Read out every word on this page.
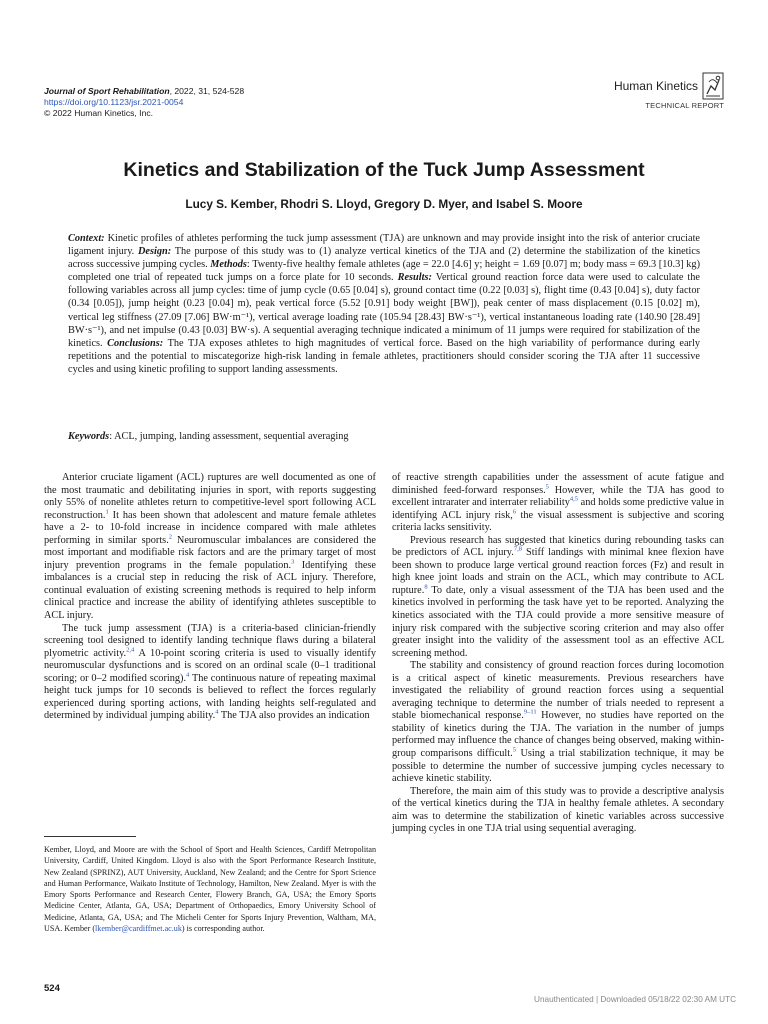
Journal of Sport Rehabilitation, 2022, 31, 524-528
https://doi.org/10.1123/jsr.2021-0054
© 2022 Human Kinetics, Inc.
Human Kinetics
TECHNICAL REPORT
Kinetics and Stabilization of the Tuck Jump Assessment
Lucy S. Kember, Rhodri S. Lloyd, Gregory D. Myer, and Isabel S. Moore
Context: Kinetic profiles of athletes performing the tuck jump assessment (TJA) are unknown and may provide insight into the risk of anterior cruciate ligament injury. Design: The purpose of this study was to (1) analyze vertical kinetics of the TJA and (2) determine the stabilization of the kinetics across successive jumping cycles. Methods: Twenty-five healthy female athletes (age = 22.0 [4.6] y; height = 1.69 [0.07] m; body mass = 69.3 [10.3] kg) completed one trial of repeated tuck jumps on a force plate for 10 seconds. Results: Vertical ground reaction force data were used to calculate the following variables across all jump cycles: time of jump cycle (0.65 [0.04] s), ground contact time (0.22 [0.03] s), flight time (0.43 [0.04] s), duty factor (0.34 [0.05]), jump height (0.23 [0.04] m), peak vertical force (5.52 [0.91] body weight [BW]), peak center of mass displacement (0.15 [0.02] m), vertical leg stiffness (27.09 [7.06] BW·m⁻¹), vertical average loading rate (105.94 [28.43] BW·s⁻¹), vertical instantaneous loading rate (140.90 [28.49] BW·s⁻¹), and net impulse (0.43 [0.03] BW·s). A sequential averaging technique indicated a minimum of 11 jumps were required for stabilization of the kinetics. Conclusions: The TJA exposes athletes to high magnitudes of vertical force. Based on the high variability of performance during early repetitions and the potential to miscategorize high-risk landing in female athletes, practitioners should consider scoring the TJA after 11 successive cycles and using kinetic profiling to support landing assessments.
Keywords: ACL, jumping, landing assessment, sequential averaging

Anterior cruciate ligament (ACL) ruptures are well documented as one of the most traumatic and debilitating injuries in sport, with reports suggesting only 55% of nonelite athletes return to competitive-level sport following ACL reconstruction.$^1$ It has been shown that adolescent and mature female athletes have a 2- to 10-fold increase in incidence compared with male athletes performing in similar sports.$^2$ Neuromuscular imbalances are considered the most important and modifiable risk factors and are the primary target of most injury prevention programs in the female population.$^3$ Identifying these imbalances is a crucial step in reducing the risk of ACL injury. Therefore, continual evaluation of existing screening methods is required to help inform clinical practice and increase the ability of identifying athletes susceptible to ACL injury.

The tuck jump assessment (TJA) is a criteria-based clinician-friendly screening tool designed to identify landing technique flaws during a bilateral plyometric activity.$^{2,4}$ A 10-point scoring criteria is used to visually identify neuromuscular dysfunctions and is scored on an ordinal scale (0–1 traditional scoring; or 0–2 modified scoring).$^4$ The continuous nature of repeating maximal height tuck jumps for 10 seconds is believed to reflect the forces regularly experienced during sporting actions, with landing heights self-regulated and determined by individual jumping ability.$^4$ The TJA also provides an indication

of reactive strength capabilities under the assessment of acute fatigue and diminished feed-forward responses.$^5$ However, while the TJA has good to excellent intrarater and interrater reliability$^{4,5}$ and holds some predictive value in identifying ACL injury risk,$^6$ the visual assessment is subjective and scoring criteria lacks sensitivity.

Previous research has suggested that kinetics during rebounding tasks can be predictors of ACL injury.$^{7,8}$ Stiff landings with minimal knee flexion have been shown to produce large vertical ground reaction forces (Fz) and result in high knee joint loads and strain on the ACL, which may contribute to ACL rupture.$^8$ To date, only a visual assessment of the TJA has been used and the kinetics involved in performing the task have yet to be reported. Analyzing the kinetics associated with the TJA could provide a more sensitive measure of injury risk compared with the subjective scoring criterion and may also offer greater insight into the validity of the assessment tool as an effective ACL screening method.

The stability and consistency of ground reaction forces during locomotion is a critical aspect of kinetic measurements. Previous researchers have investigated the reliability of ground reaction forces using a sequential averaging technique to determine the number of trials needed to represent a stable biomechanical response.$^{9-11}$ However, no studies have reported on the stability of kinetics during the TJA. The variation in the number of jumps performed may influence the chance of changes being observed, making within-group comparisons difficult.$^5$ Using a trial stabilization technique, it may be possible to determine the number of successive jumping cycles necessary to achieve kinetic stability.

Therefore, the main aim of this study was to provide a descriptive analysis of the vertical kinetics during the TJA in healthy female athletes. A secondary aim was to determine the stabilization of kinetic variables across successive jumping cycles in one TJA trial using sequential averaging.

Kember, Lloyd, and Moore are with the School of Sport and Health Sciences, Cardiff Metropolitan University, Cardiff, United Kingdom. Lloyd is also with the Sport Performance Research Institute, New Zealand (SPRINZ), AUT University, Auckland, New Zealand; and the Centre for Sport Science and Human Performance, Waikato Institute of Technology, Hamilton, New Zealand. Myer is with the Emory Sports Performance and Research Center, Flowery Branch, GA, USA; the Emory Sports Medicine Center, Atlanta, GA, USA; Department of Orthopaedics, Emory University School of Medicine, Atlanta, GA, USA; and The Micheli Center for Sports Injury Prevention, Waltham, MA, USA. Kember (lkember@cardiffmet.ac.uk) is corresponding author.
524
Unauthenticated | Downloaded 05/18/22 02:30 AM UTC
